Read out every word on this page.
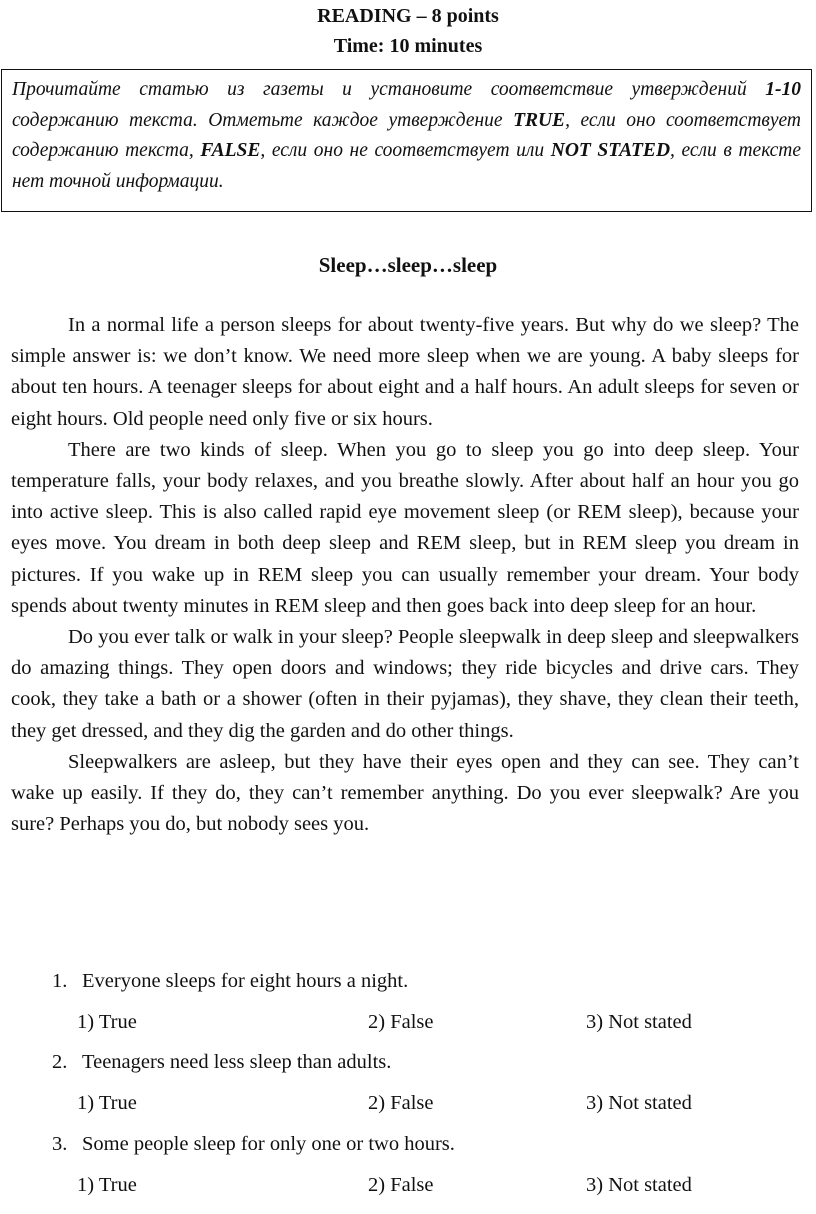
READING – 8 points
Time: 10 minutes
Прочитайте статью из газеты и установите соответствие утверждений 1-10 содержанию текста. Отметьте каждое утверждение TRUE, если оно соответствует содержанию текста, FALSE, если оно не соответствует или NOT STATED, если в тексте нет точной информации.
Sleep…sleep…sleep

In a normal life a person sleeps for about twenty-five years. But why do we sleep? The simple answer is: we don’t know. We need more sleep when we are young. A baby sleeps for about ten hours. A teenager sleeps for about eight and a half hours. An adult sleeps for seven or eight hours. Old people need only five or six hours.

There are two kinds of sleep. When you go to sleep you go into deep sleep. Your temperature falls, your body relaxes, and you breathe slowly. After about half an hour you go into active sleep. This is also called rapid eye movement sleep (or REM sleep), because your eyes move. You dream in both deep sleep and REM sleep, but in REM sleep you dream in pictures. If you wake up in REM sleep you can usually remember your dream. Your body spends about twenty minutes in REM sleep and then goes back into deep sleep for an hour.

Do you ever talk or walk in your sleep? People sleepwalk in deep sleep and sleepwalkers do amazing things. They open doors and windows; they ride bicycles and drive cars. They cook, they take a bath or a shower (often in their pyjamas), they shave, they clean their teeth, they get dressed, and they dig the garden and do other things.

Sleepwalkers are asleep, but they have their eyes open and they can see. They can’t wake up easily. If they do, they can’t remember anything. Do you ever sleepwalk? Are you sure? Perhaps you do, but nobody sees you.

1. Everyone sleeps for eight hours a night.
1) True	2) False	3) Not stated
2. Teenagers need less sleep than adults.
1) True	2) False	3) Not stated
3. Some people sleep for only one or two hours.
1) True	2) False	3) Not stated
